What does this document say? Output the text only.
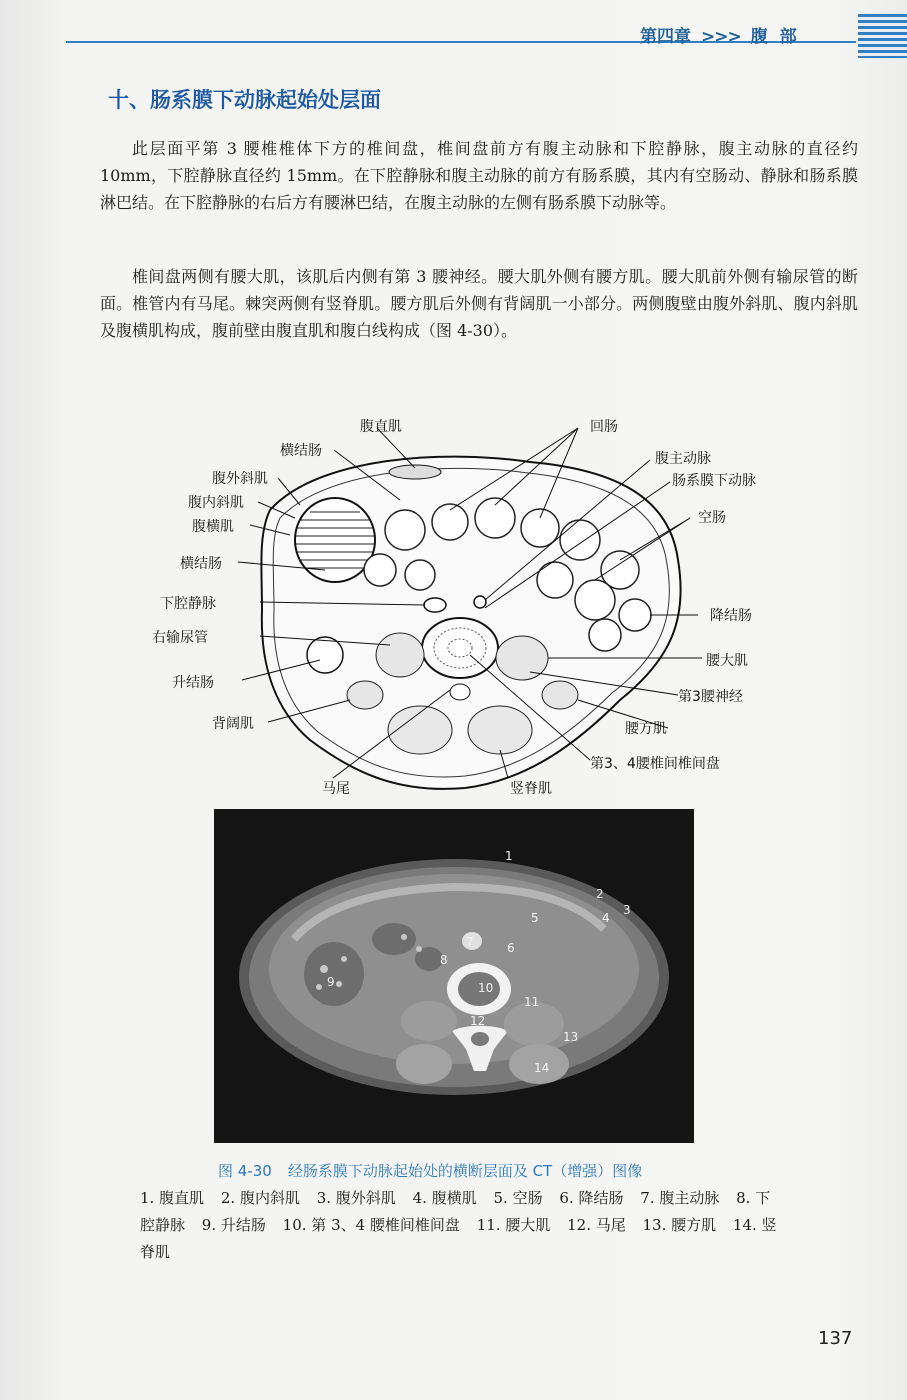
第四章 >>> 腹部
十、肠系膜下动脉起始处层面

此层面平第 3 腰椎椎体下方的椎间盘，椎间盘前方有腹主动脉和下腔静脉，腹主动脉的直径约 10mm，下腔静脉直径约 15mm。在下腔静脉和腹主动脉的前方有肠系膜，其内有空肠动、静脉和肠系膜淋巴结。在下腔静脉的右后方有腰淋巴结，在腹主动脉的左侧有肠系膜下动脉等。

椎间盘两侧有腰大肌，该肌后内侧有第 3 腰神经。腰大肌外侧有腰方肌。腰大肌前外侧有输尿管的断面。椎管内有马尾。棘突两侧有竖脊肌。腰方肌后外侧有背阔肌一小部分。两侧腹壁由腹外斜肌、腹内斜肌及腹横肌构成，腹前壁由腹直肌和腹白线构成（图 4-30）。

腹直肌	回肠
横结肠	腹主动脉
腹外斜肌	肠系膜下动脉
腹内斜肌
空肠
腹横肌
横结肠
下腔静脉
降结肠
右输尿管
腰大肌
升结肠
第3腰神经
背阔肌	腰方肌
第3、4腰椎间椎间盘
马尾	竖脊肌
1
2
3
4
5
6
7
8
9	10
11
12
13
14
图 4-30 经肠系膜下动脉起始处的横断层面及 CT（增强）图像
1. 腹直肌 2. 腹内斜肌 3. 腹外斜肌 4. 腹横肌 5. 空肠 6. 降结肠 7. 腹主动脉 8. 下腔静脉 9. 升结肠 10. 第 3、4 腰椎间椎间盘 11. 腰大肌 12. 马尾 13. 腰方肌 14. 竖脊肌
137
